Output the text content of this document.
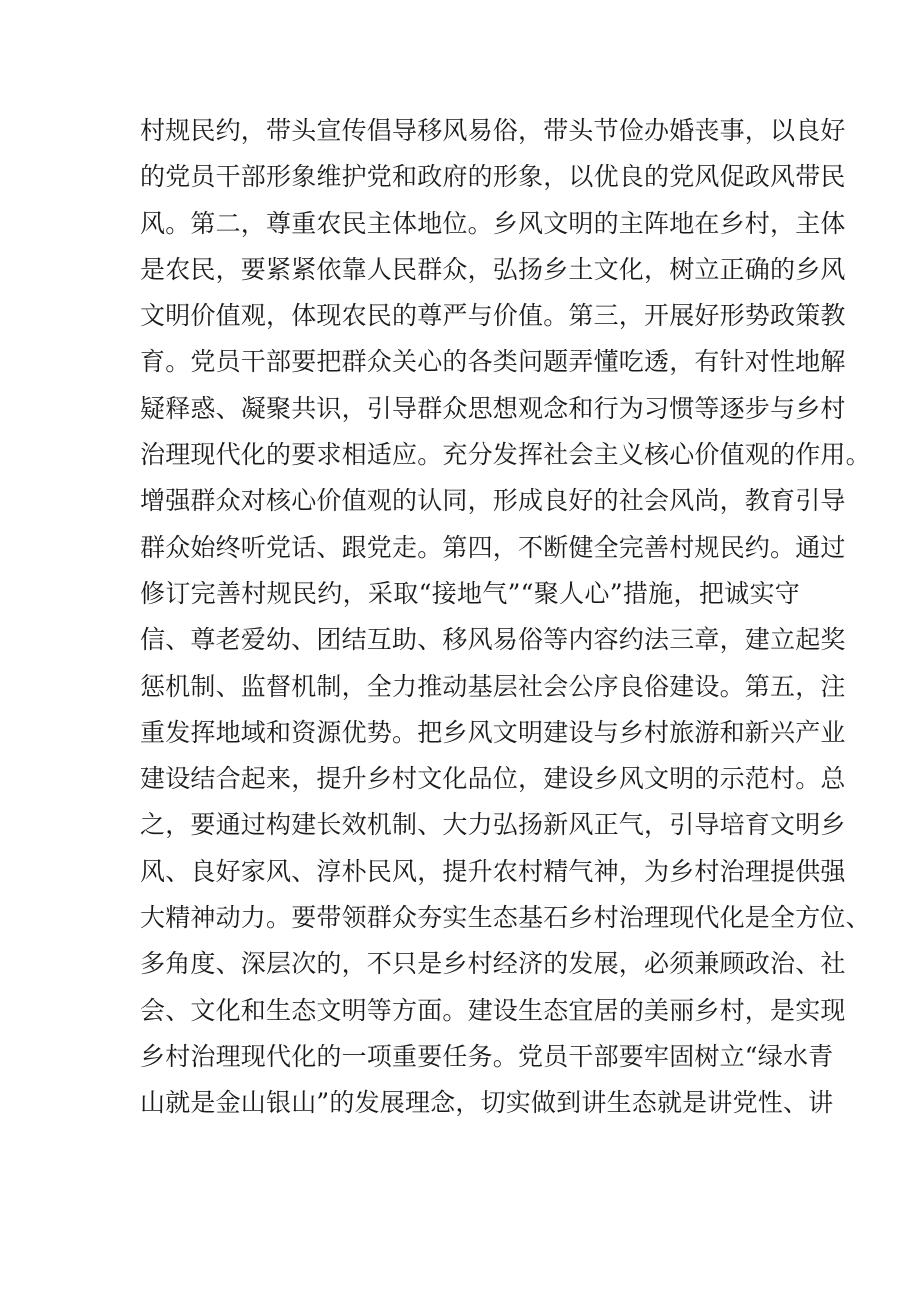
村规民约，带头宣传倡导移风易俗，带头节俭办婚丧事，以良好
的党员干部形象维护党和政府的形象，以优良的党风促政风带民
风。第二，尊重农民主体地位。乡风文明的主阵地在乡村，主体
是农民，要紧紧依靠人民群众，弘扬乡土文化，树立正确的乡风
文明价值观，体现农民的尊严与价值。第三，开展好形势政策教
育。党员干部要把群众关心的各类问题弄懂吃透，有针对性地解
疑释惑、凝聚共识，引导群众思想观念和行为习惯等逐步与乡村
治理现代化的要求相适应。充分发挥社会主义核心价值观的作用。
增强群众对核心价值观的认同，形成良好的社会风尚，教育引导
群众始终听党话、跟党走。第四，不断健全完善村规民约。通过
修订完善村规民约，采取“接地气”“聚人心”措施，把诚实守
信、尊老爱幼、团结互助、移风易俗等内容约法三章，建立起奖
惩机制、监督机制，全力推动基层社会公序良俗建设。第五，注
重发挥地域和资源优势。把乡风文明建设与乡村旅游和新兴产业
建设结合起来，提升乡村文化品位，建设乡风文明的示范村。总
之，要通过构建长效机制、大力弘扬新风正气，引导培育文明乡
风、良好家风、淳朴民风，提升农村精气神，为乡村治理提供强
大精神动力。要带领群众夯实生态基石乡村治理现代化是全方位、
多角度、深层次的，不只是乡村经济的发展，必须兼顾政治、社
会、文化和生态文明等方面。建设生态宜居的美丽乡村，是实现
乡村治理现代化的一项重要任务。党员干部要牢固树立“绿水青
山就是金山银山”的发展理念，切实做到讲生态就是讲党性、讲
